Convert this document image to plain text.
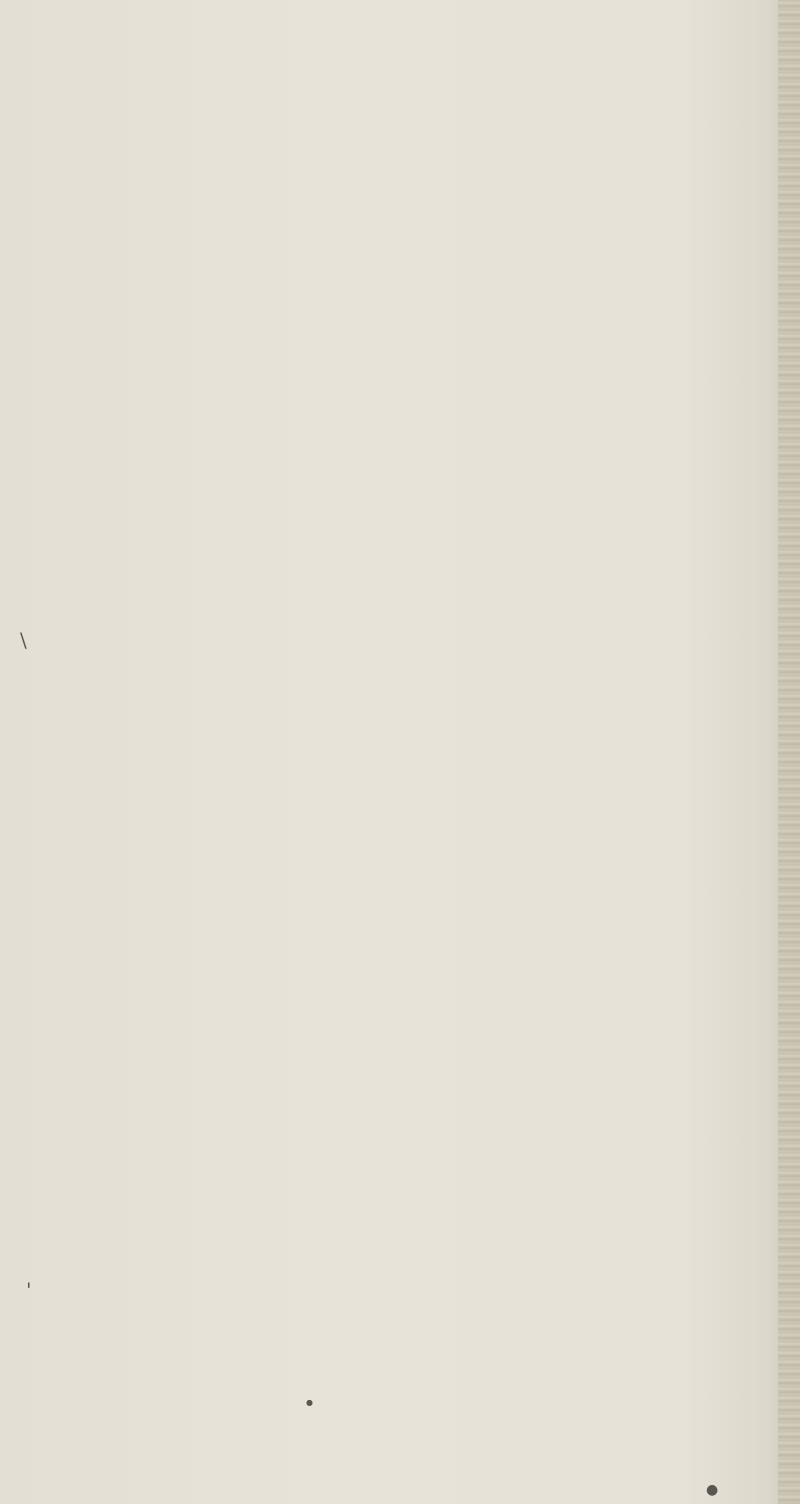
\
'
●
●
